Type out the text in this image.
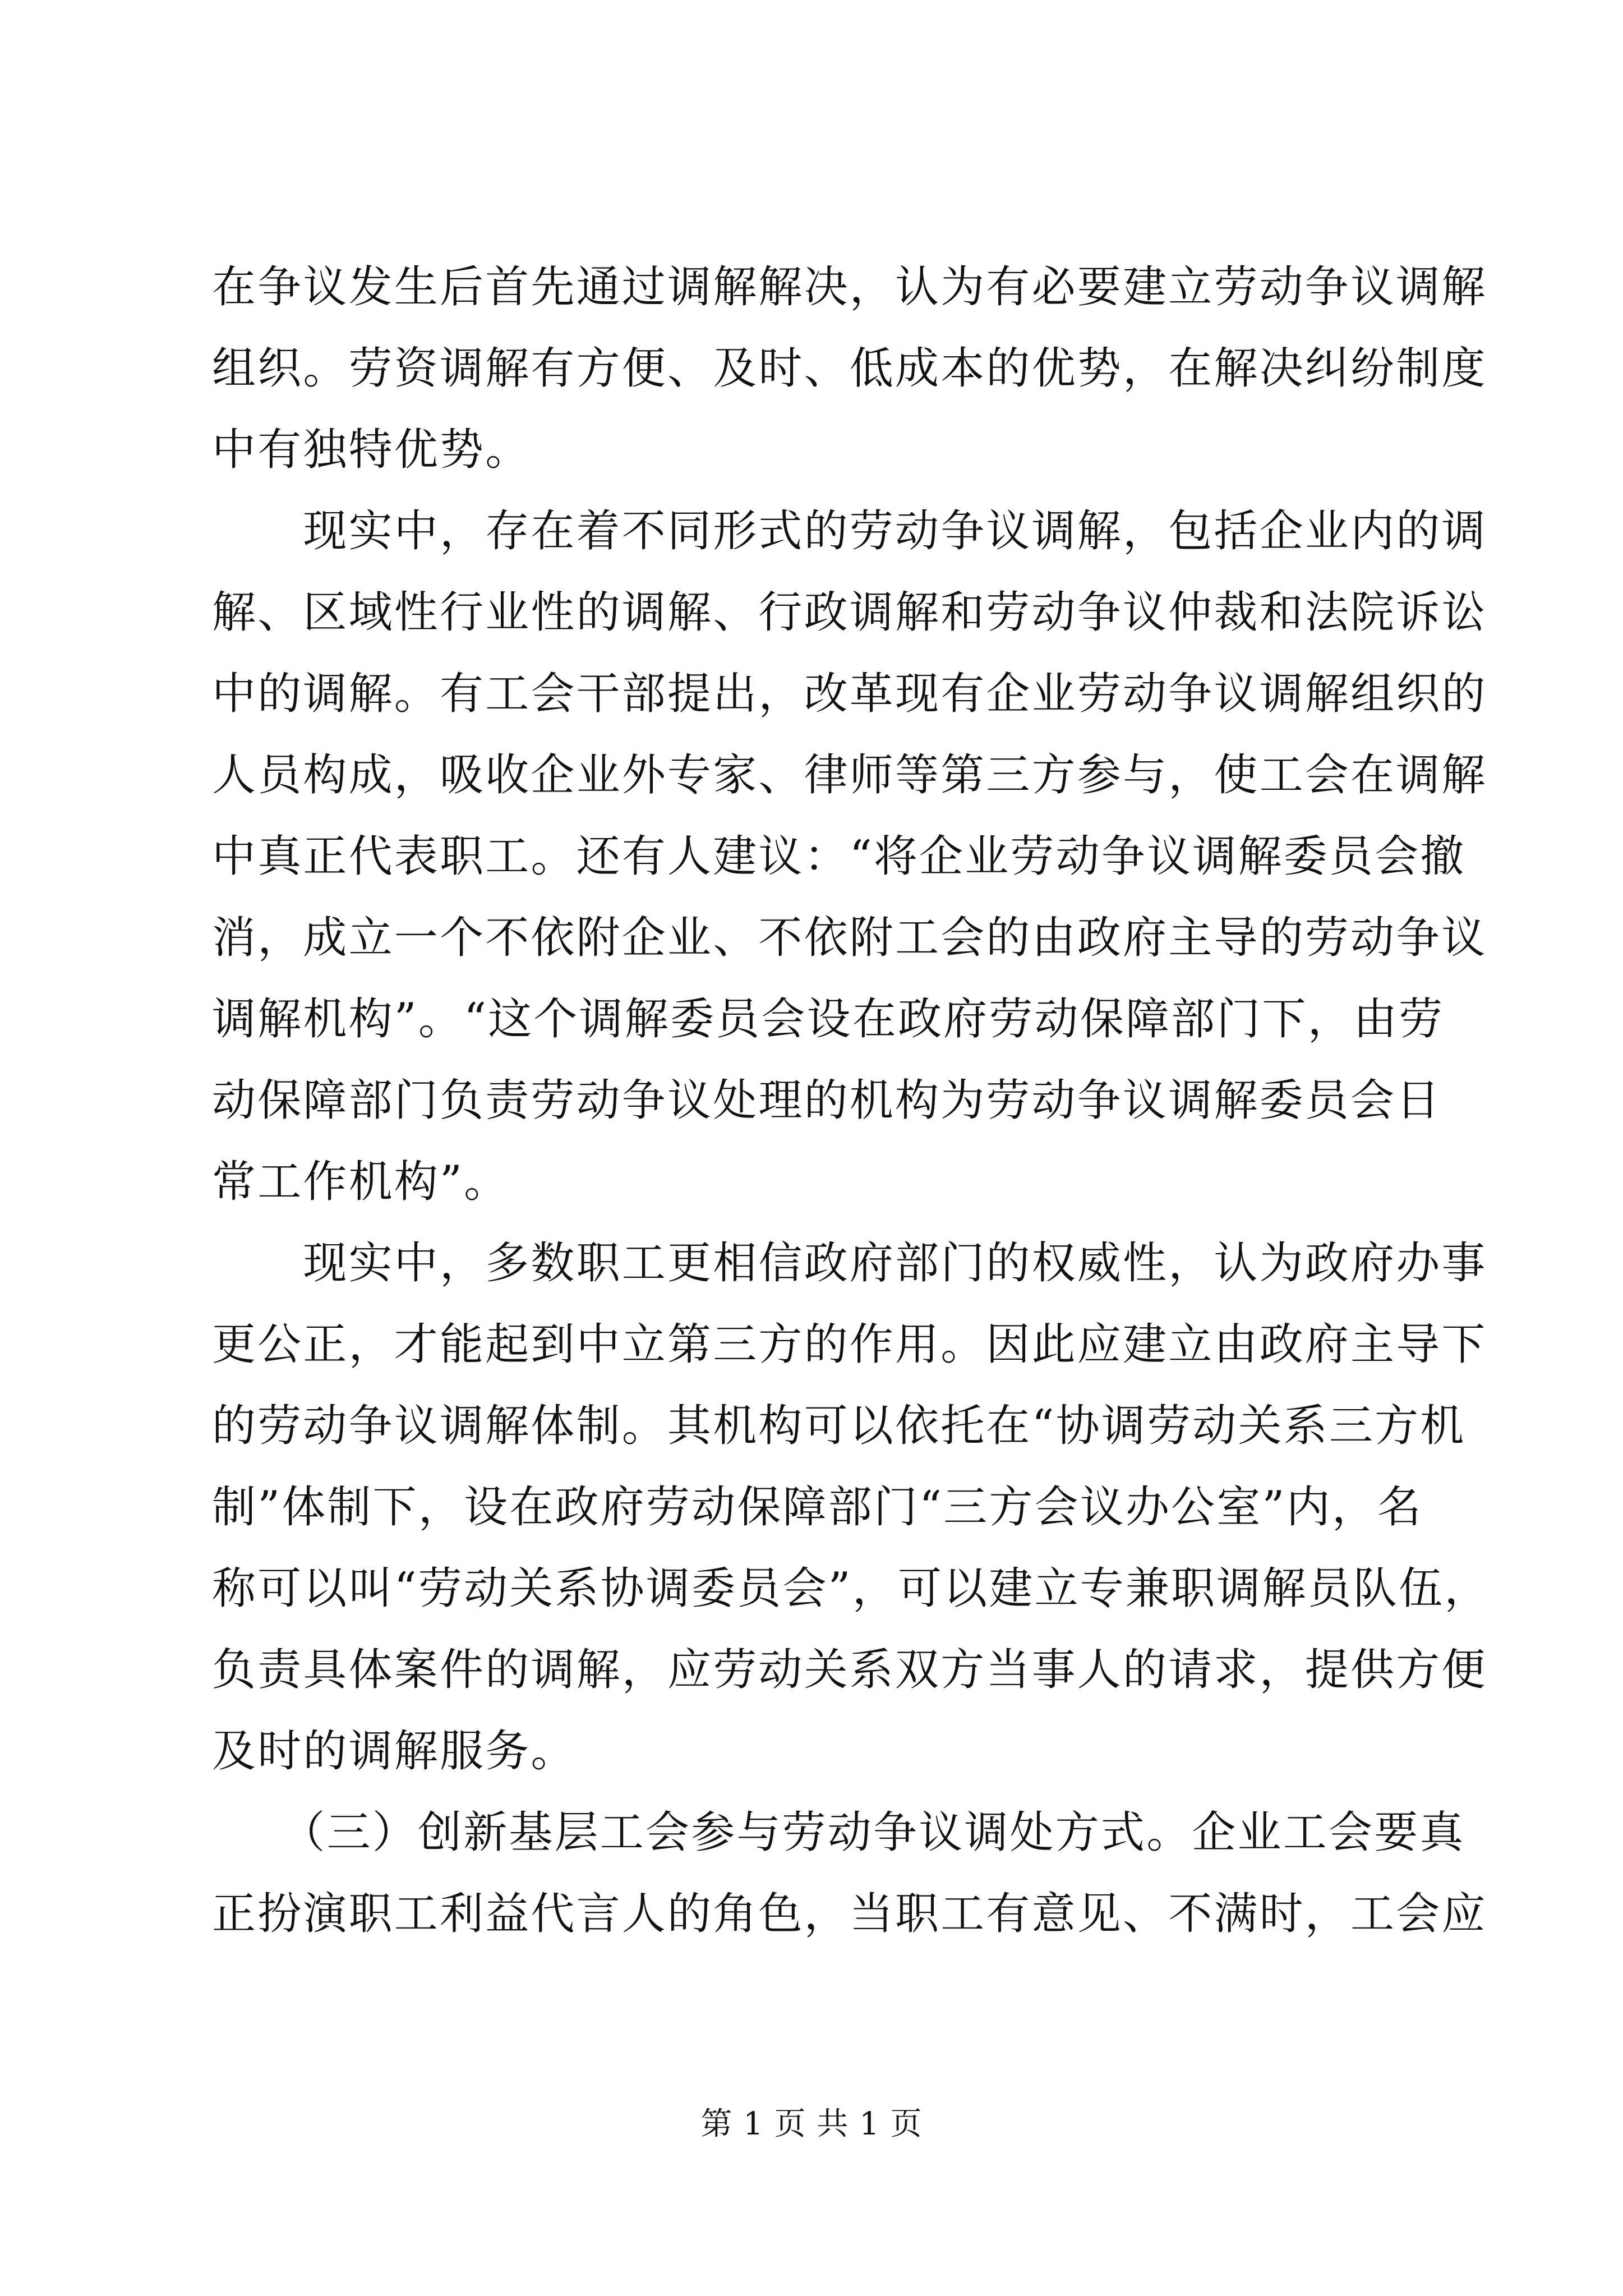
在争议发生后首先通过调解解决，认为有必要建立劳动争议调解
组织。劳资调解有方便、及时、低成本的优势，在解决纠纷制度
中有独特优势。
　　现实中，存在着不同形式的劳动争议调解，包括企业内的调
解、区域性行业性的调解、行政调解和劳动争议仲裁和法院诉讼
中的调解。有工会干部提出，改革现有企业劳动争议调解组织的
人员构成，吸收企业外专家、律师等第三方参与，使工会在调解
中真正代表职工。还有人建议：“将企业劳动争议调解委员会撤
消，成立一个不依附企业、不依附工会的由政府主导的劳动争议
调解机构”。“这个调解委员会设在政府劳动保障部门下，由劳
动保障部门负责劳动争议处理的机构为劳动争议调解委员会日
常工作机构”。
　　现实中，多数职工更相信政府部门的权威性，认为政府办事
更公正，才能起到中立第三方的作用。因此应建立由政府主导下
的劳动争议调解体制。其机构可以依托在“协调劳动关系三方机
制”体制下，设在政府劳动保障部门“三方会议办公室”内，名
称可以叫“劳动关系协调委员会”，可以建立专兼职调解员队伍，
负责具体案件的调解，应劳动关系双方当事人的请求，提供方便
及时的调解服务。
　　（三）创新基层工会参与劳动争议调处方式。企业工会要真
正扮演职工利益代言人的角色，当职工有意见、不满时，工会应
第 1 页 共 1 页
